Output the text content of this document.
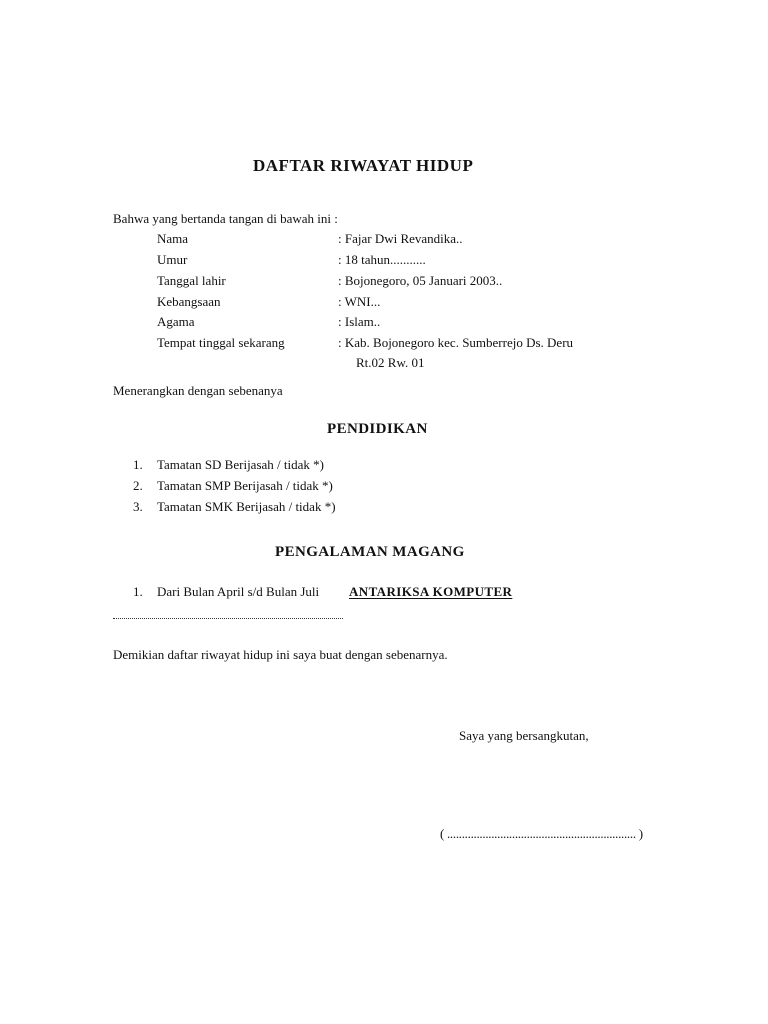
DAFTAR RIWAYAT HIDUP
Bahwa yang bertanda tangan di bawah ini :
Nama	: Fajar Dwi Revandika..
Umur	: 18 tahun...........
Tanggal lahir	: Bojonegoro, 05 Januari 2003..
Kebangsaan	: WNI...
Agama	: Islam..
Tempat tinggal sekarang	: Kab. Bojonegoro kec. Sumberrejo Ds. Deru
Rt.02 Rw. 01
Menerangkan dengan sebenanya
PENDIDIKAN
1. Tamatan SD Berijasah / tidak *)
2. Tamatan SMP Berijasah / tidak *)
3. Tamatan SMK Berijasah / tidak *)
PENGALAMAN MAGANG
1. Dari Bulan April s/d Bulan Juli ANTARIKSA KOMPUTER
Demikian daftar riwayat hidup ini saya buat dengan sebenarnya.
Saya yang bersangkutan,
( ................................................................ )
